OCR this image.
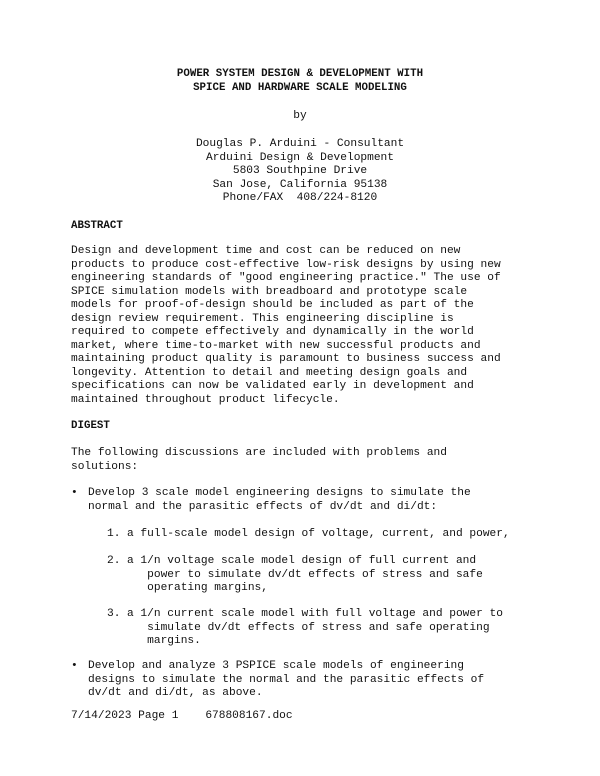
POWER SYSTEM DESIGN & DEVELOPMENT WITH
SPICE AND HARDWARE SCALE MODELING
by
Douglas P. Arduini - Consultant
Arduini Design & Development
5803 Southpine Drive
San Jose, California 95138
Phone/FAX  408/224-8120
ABSTRACT
Design and development time and cost can be reduced on new
products to produce cost-effective low-risk designs by using new
engineering standards of "good engineering practice." The use of
SPICE simulation models with breadboard and prototype scale
models for proof-of-design should be included as part of the
design review requirement. This engineering discipline is
required to compete effectively and dynamically in the world
market, where time-to-market with new successful products and
maintaining product quality is paramount to business success and
longevity. Attention to detail and meeting design goals and
specifications can now be validated early in development and
maintained throughout product lifecycle.
DIGEST
The following discussions are included with problems and
solutions:
• Develop 3 scale model engineering designs to simulate the
normal and the parasitic effects of dv/dt and di/dt:
1. a full-scale model design of voltage, current, and power,
2. a 1/n voltage scale model design of full current and
power to simulate dv/dt effects of stress and safe
operating margins,
3. a 1/n current scale model with full voltage and power to
simulate dv/dt effects of stress and safe operating
margins.
• Develop and analyze 3 PSPICE scale models of engineering
designs to simulate the normal and the parasitic effects of
dv/dt and di/dt, as above.
7/14/2023 Page 1 678808167.doc
